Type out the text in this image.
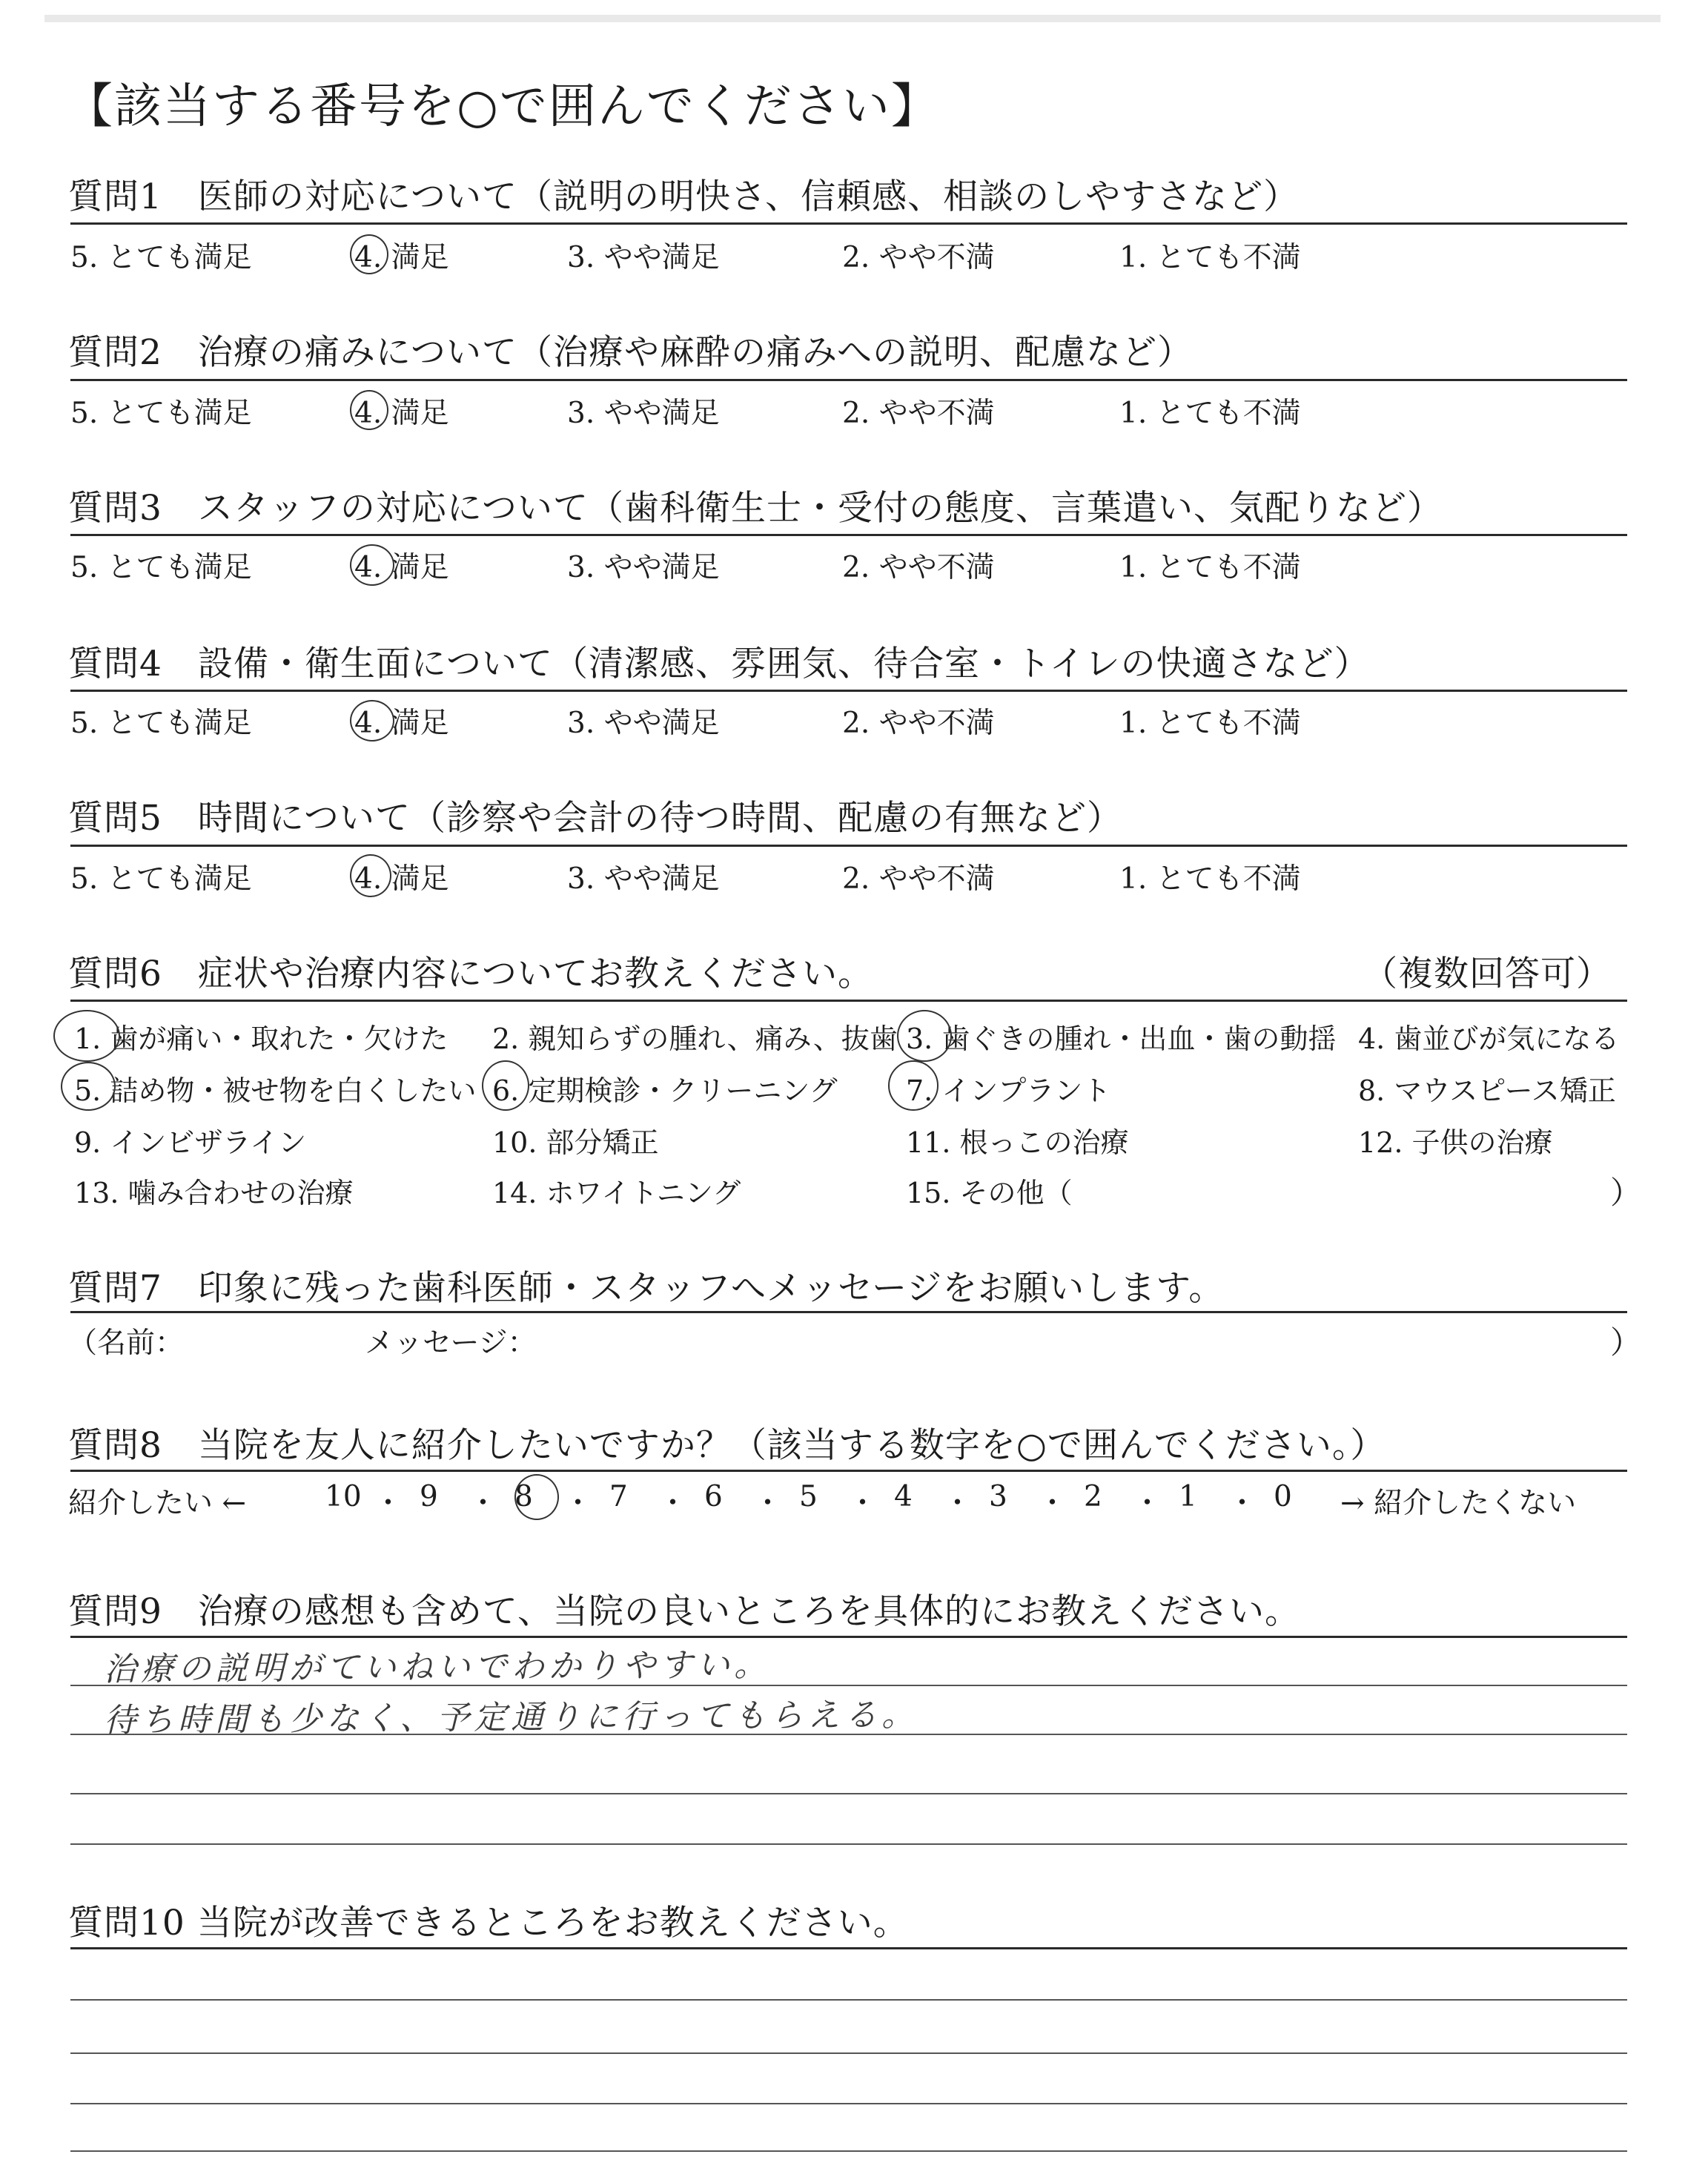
【該当する番号を○で囲んでください】
質問1　医師の対応について（説明の明快さ、信頼感、相談のしやすさなど）
5. とても満足	4. 満足	3. やや満足	2. やや不満	1. とても不満
質問2　治療の痛みについて（治療や麻酔の痛みへの説明、配慮など）
5. とても満足	4. 満足	3. やや満足	2. やや不満	1. とても不満
質問3　スタッフの対応について（歯科衛生士・受付の態度、言葉遣い、気配りなど）
5. とても満足	4. 満足	3. やや満足	2. やや不満	1. とても不満
質問4　設備・衛生面について（清潔感、雰囲気、待合室・トイレの快適さなど）
5. とても満足	4. 満足	3. やや満足	2. やや不満	1. とても不満
質問5　時間について（診察や会計の待つ時間、配慮の有無など）
5. とても満足	4. 満足	3. やや満足	2. やや不満	1. とても不満
質問6　症状や治療内容についてお教えください。	（複数回答可）
1. 歯が痛い・取れた・欠けた 2. 親知らずの腫れ、痛み、抜歯 3. 歯ぐきの腫れ・出血・歯の動揺 4. 歯並びが気になる
5. 詰め物・被せ物を白くしたい 6. 定期検診・クリーニング 7. インプラント	8. マウスピース矯正
9. インビザライン	10. 部分矯正	11. 根っこの治療	12. 子供の治療
13. 噛み合わせの治療	14. ホワイトニング	15. その他（	）
質問7　印象に残った歯科医師・スタッフへメッセージをお願いします。
（名前：	メッセージ：	）
質問8　当院を友人に紹介したいですか？（該当する数字を○で囲んでください。）
紹介したい ←	→ 紹介したくない
10 ・ 9 ・ 8 ・ 7 ・ 6 ・ 5 ・ 4 ・ 3 ・ 2 ・ 1 ・ 0
質問9　治療の感想も含めて、当院の良いところを具体的にお教えください。
治療の説明がていねいでわかりやすい。
待ち時間も少なく、予定通りに行ってもらえる。
質問10 当院が改善できるところをお教えください。
